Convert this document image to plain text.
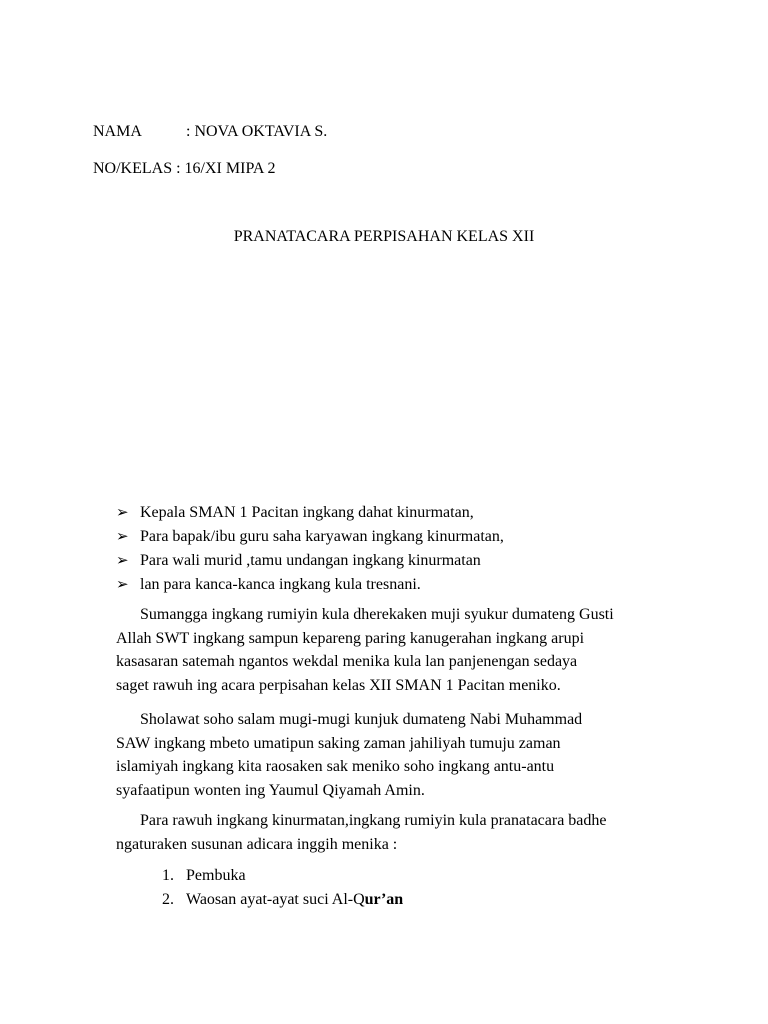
NAMA	: NOVA OKTAVIA S.
NO/KELAS : 16/XI MIPA 2
PRANATACARA PERPISAHAN KELAS XII
➢ Kepala SMAN 1 Pacitan ingkang dahat kinurmatan,
➢ Para bapak/ibu guru saha karyawan ingkang kinurmatan,
➢ Para wali murid ,tamu undangan ingkang kinurmatan
➢ lan para kanca-kanca ingkang kula tresnani.

Sumangga ingkang rumiyin kula dherekaken muji syukur dumateng Gusti
Allah SWT ingkang sampun kepareng paring kanugerahan ingkang arupi
kasasaran satemah ngantos wekdal menika kula lan panjenengan sedaya
saget rawuh ing acara perpisahan kelas XII SMAN 1 Pacitan meniko.

Sholawat soho salam mugi-mugi kunjuk dumateng Nabi Muhammad
SAW ingkang mbeto umatipun saking zaman jahiliyah tumuju zaman
islamiyah ingkang kita raosaken sak meniko soho ingkang antu-antu
syafaatipun wonten ing Yaumul Qiyamah Amin.

Para rawuh ingkang kinurmatan,ingkang rumiyin kula pranatacara badhe
ngaturaken susunan adicara inggih menika :

1. Pembuka
2. Waosan ayat-ayat suci Al-Qur’an
